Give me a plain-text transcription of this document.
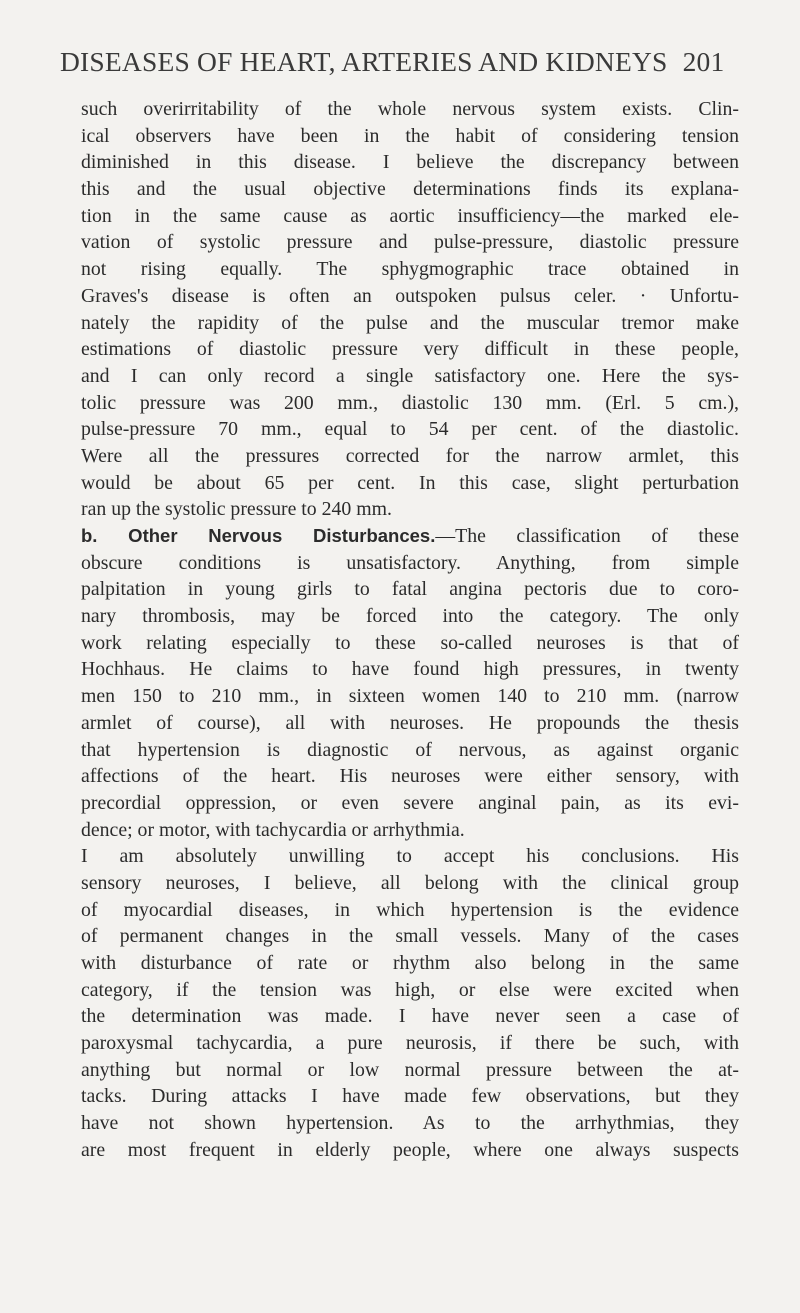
DISEASES OF HEART, ARTERIES AND KIDNEYS 201
such overirritability of the whole nervous system exists. Clin-
ical observers have been in the habit of considering tension
diminished in this disease. I believe the discrepancy between
this and the usual objective determinations finds its explana-
tion in the same cause as aortic insufficiency—the marked ele-
vation of systolic pressure and pulse-pressure, diastolic pressure
not rising equally. The sphygmographic trace obtained in
Graves's disease is often an outspoken pulsus celer. · Unfortu-
nately the rapidity of the pulse and the muscular tremor make
estimations of diastolic pressure very difficult in these people,
and I can only record a single satisfactory one. Here the sys-
tolic pressure was 200 mm., diastolic 130 mm. (Erl. 5 cm.),
pulse-pressure 70 mm., equal to 54 per cent. of the diastolic.
Were all the pressures corrected for the narrow armlet, this
would be about 65 per cent. In this case, slight perturbation
ran up the systolic pressure to 240 mm.
b. Other Nervous Disturbances.—The classification of these
obscure conditions is unsatisfactory. Anything, from simple
palpitation in young girls to fatal angina pectoris due to coro-
nary thrombosis, may be forced into the category. The only
work relating especially to these so-called neuroses is that of
Hochhaus. He claims to have found high pressures, in twenty
men 150 to 210 mm., in sixteen women 140 to 210 mm. (narrow
armlet of course), all with neuroses. He propounds the thesis
that hypertension is diagnostic of nervous, as against organic
affections of the heart. His neuroses were either sensory, with
precordial oppression, or even severe anginal pain, as its evi-
dence; or motor, with tachycardia or arrhythmia.
I am absolutely unwilling to accept his conclusions. His
sensory neuroses, I believe, all belong with the clinical group
of myocardial diseases, in which hypertension is the evidence
of permanent changes in the small vessels. Many of the cases
with disturbance of rate or rhythm also belong in the same
category, if the tension was high, or else were excited when
the determination was made. I have never seen a case of
paroxysmal tachycardia, a pure neurosis, if there be such, with
anything but normal or low normal pressure between the at-
tacks. During attacks I have made few observations, but they
have not shown hypertension. As to the arrhythmias, they
are most frequent in elderly people, where one always suspects
